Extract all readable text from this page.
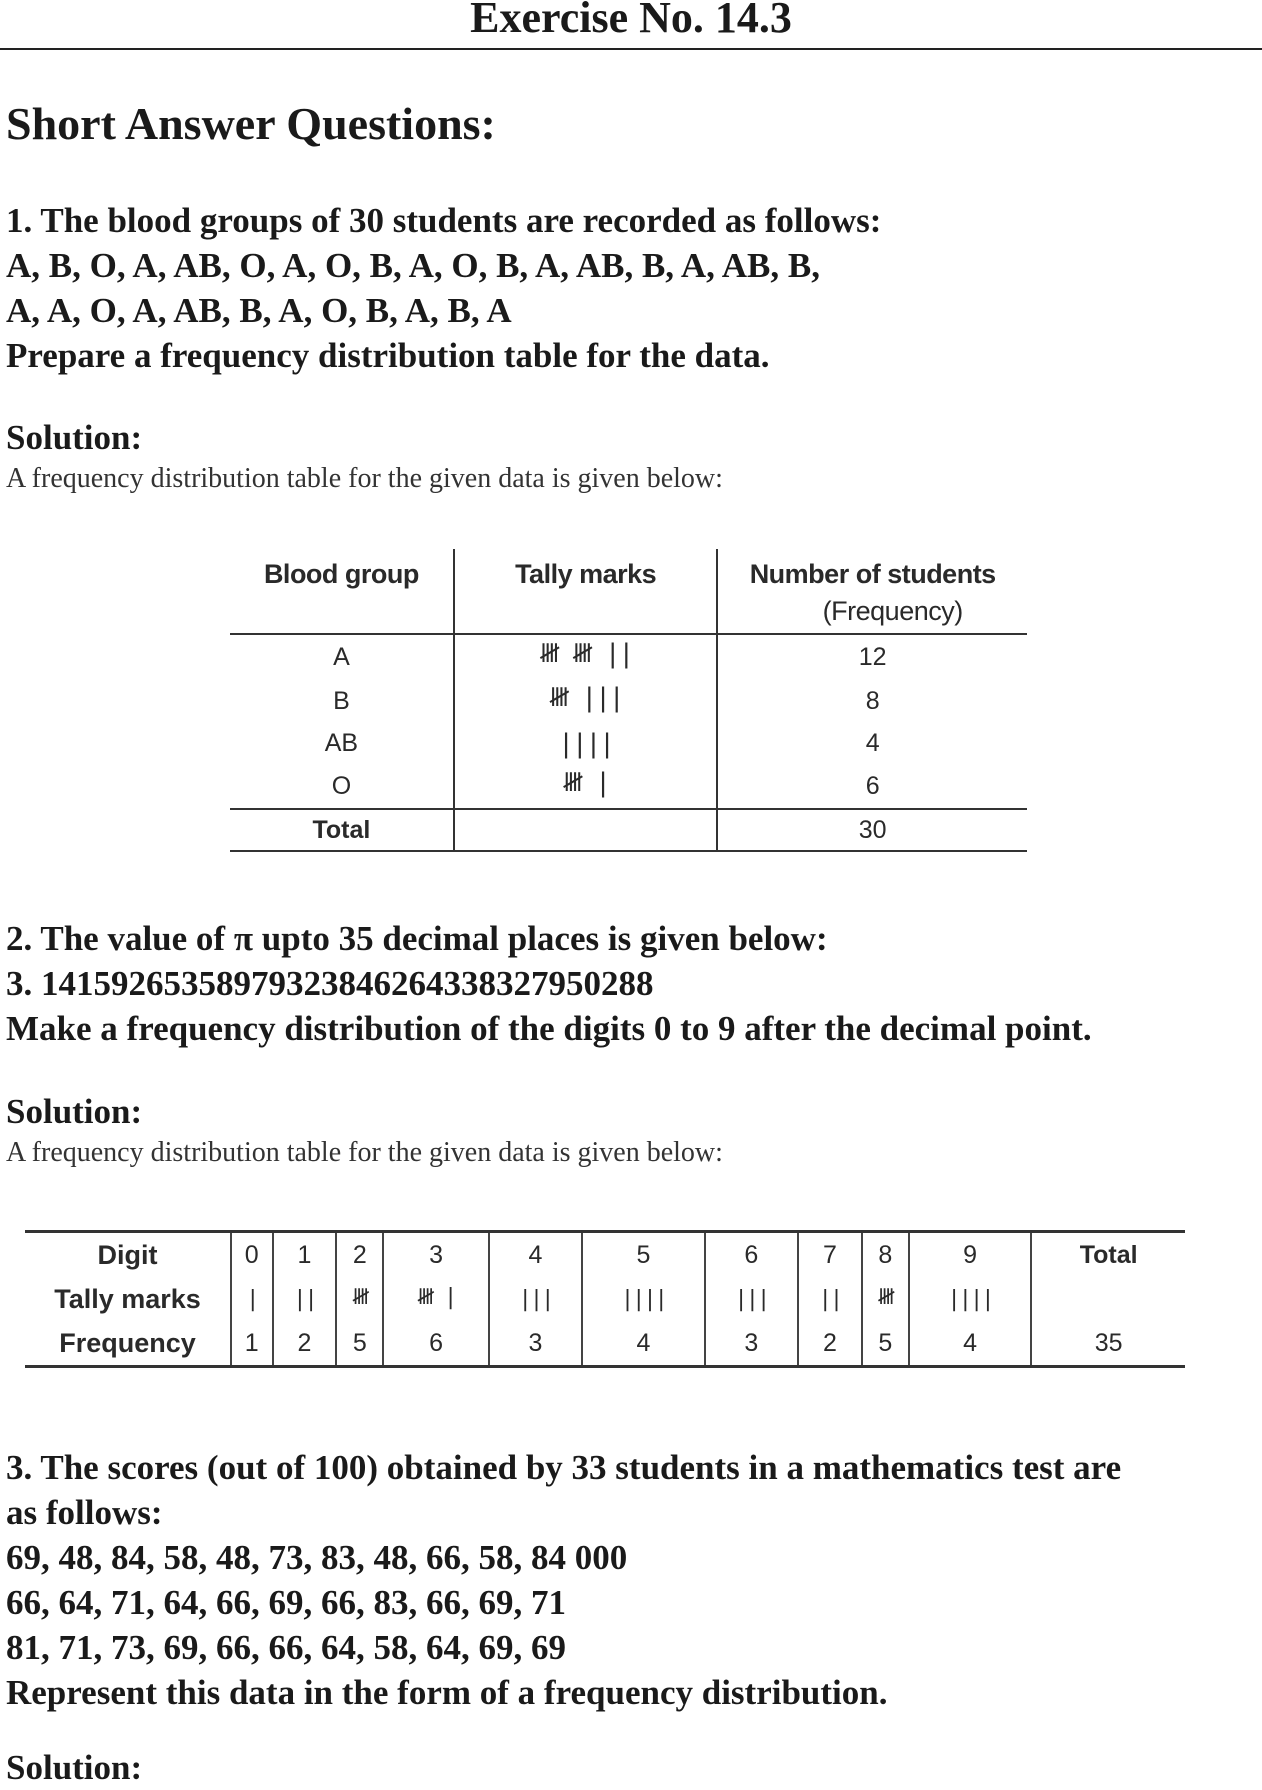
Exercise No. 14.3
Short Answer Questions:
1. The blood groups of 30 students are recorded as follows:
A, B, O, A, AB, O, A, O, B, A, O, B, A, AB, B, A, AB, B,
A, A, O, A, AB, B, A, O, B, A, B, A
Prepare a frequency distribution table for the data.
Solution:
A frequency distribution table for the given data is given below:
Blood group	Tally marks	Number of students
(Frequency)

A	𝍸 𝍸 ||	12
B	𝍸 |||	8
AB	||||	4
O	𝍸 |	6
Total		30
2. The value of π upto 35 decimal places is given below:
3. 14159265358979323846264338327950288
Make a frequency distribution of the digits 0 to 9 after the decimal point.
Solution:
A frequency distribution table for the given data is given below:
Digit	0	1	2	3	4	5	6	7	8	9	Total
Tally marks	|	||	𝍸	𝍸 |	|||	||||	|||	||	𝍸	||||	
Frequency	1	2	5	6	3	4	3	2	5	4	35
3. The scores (out of 100) obtained by 33 students in a mathematics test are
as follows:
69, 48, 84, 58, 48, 73, 83, 48, 66, 58, 84 000
66, 64, 71, 64, 66, 69, 66, 83, 66, 69, 71
81, 71, 73, 69, 66, 66, 64, 58, 64, 69, 69
Represent this data in the form of a frequency distribution.
Solution:
